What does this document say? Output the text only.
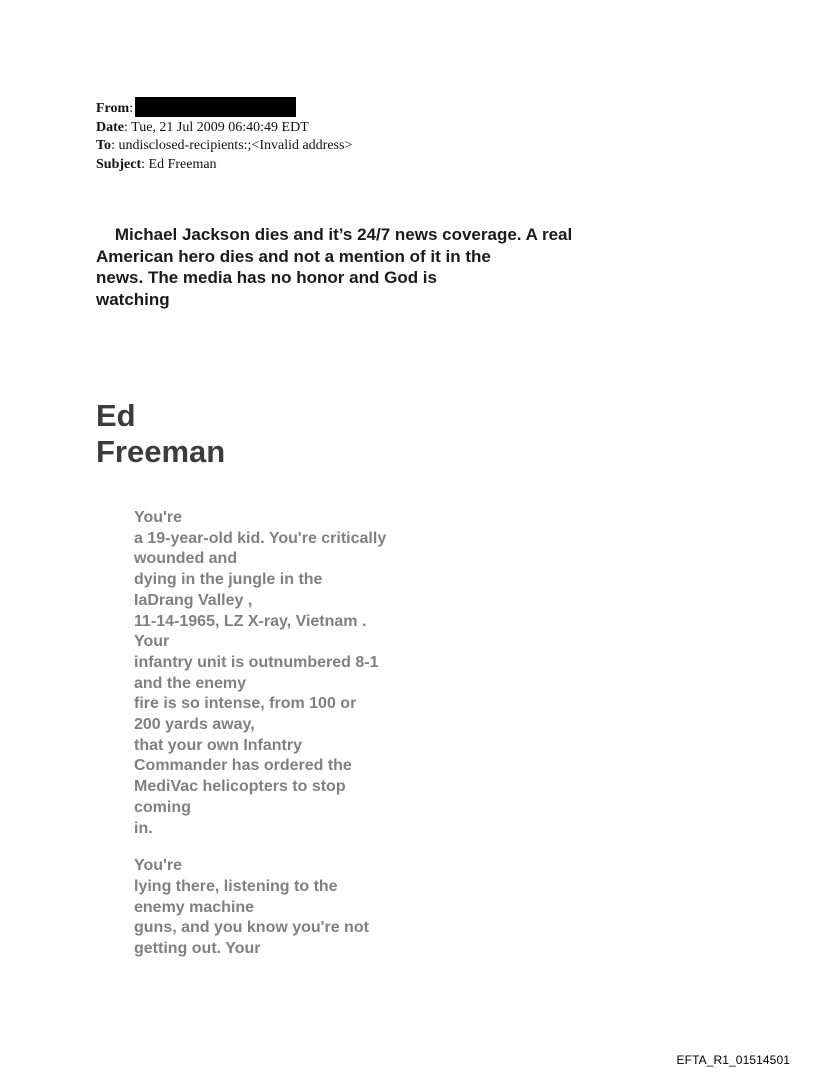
From:
Date: Tue, 21 Jul 2009 06:40:49 EDT
To: undisclosed-recipients:;<Invalid address>
Subject: Ed Freeman
Michael Jackson dies and it’s 24/7 news coverage. A real
American hero dies and not a mention of it in the
news. The media has no honor and God is
watching
Ed
Freeman
You're
a 19-year-old kid. You're critically
wounded and
dying in the jungle in the
IaDrang Valley ,
11-14-1965, LZ X-ray, Vietnam .
Your
infantry unit is outnumbered 8-1
and the enemy
fire is so intense, from 100 or
200 yards away,
that your own Infantry
Commander has ordered the
MediVac helicopters to stop
coming
in.
You're
lying there, listening to the
enemy machine
guns, and you know you're not
getting out. Your
EFTA_R1_01514501
